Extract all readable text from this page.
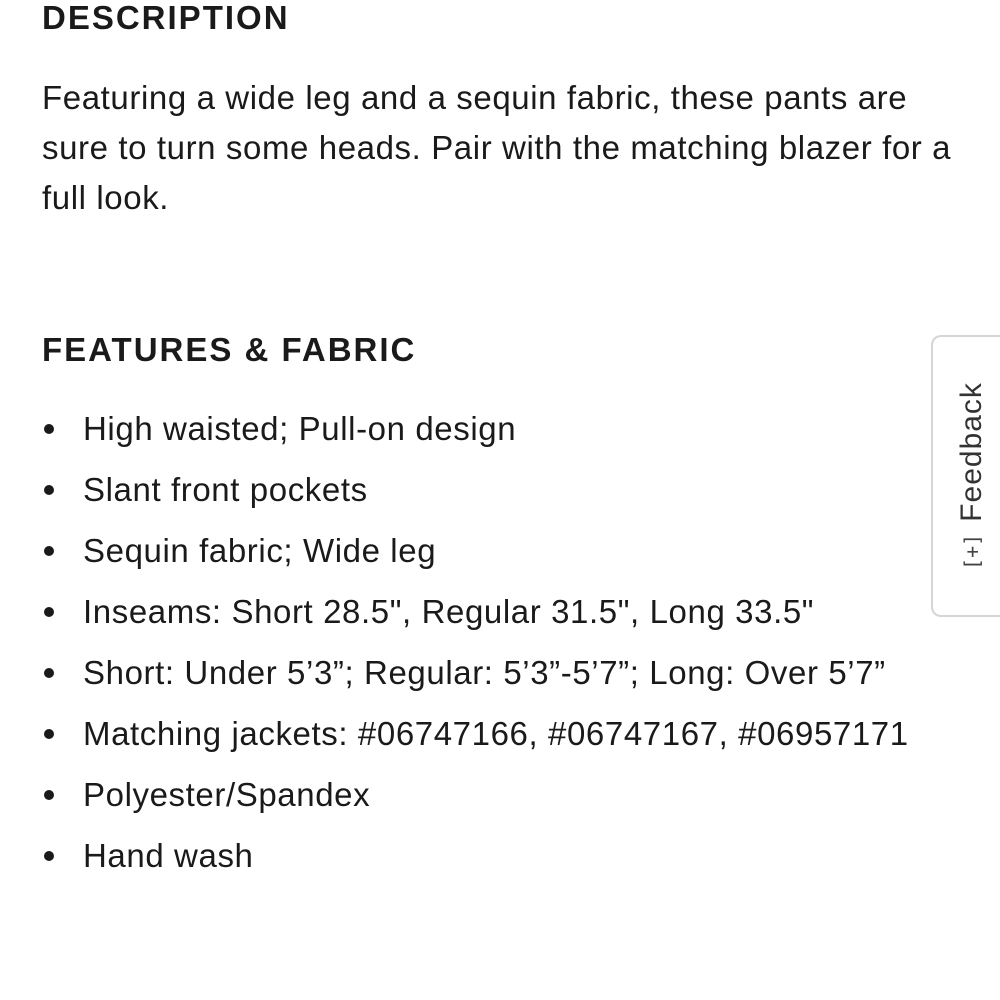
DESCRIPTION

Featuring a wide leg and a sequin fabric, these pants are sure to turn some heads. Pair with the matching blazer for a full look.

FEATURES & FABRIC
High waisted; Pull-on design
Slant front pockets
Sequin fabric; Wide leg
Inseams: Short 28.5", Regular 31.5", Long 33.5"
Short: Under 5’3”; Regular: 5’3”-5’7”; Long: Over 5’7”
Matching jackets: #06747166, #06747167, #06957171
Polyester/Spandex
Hand wash
[+]
Feedback
